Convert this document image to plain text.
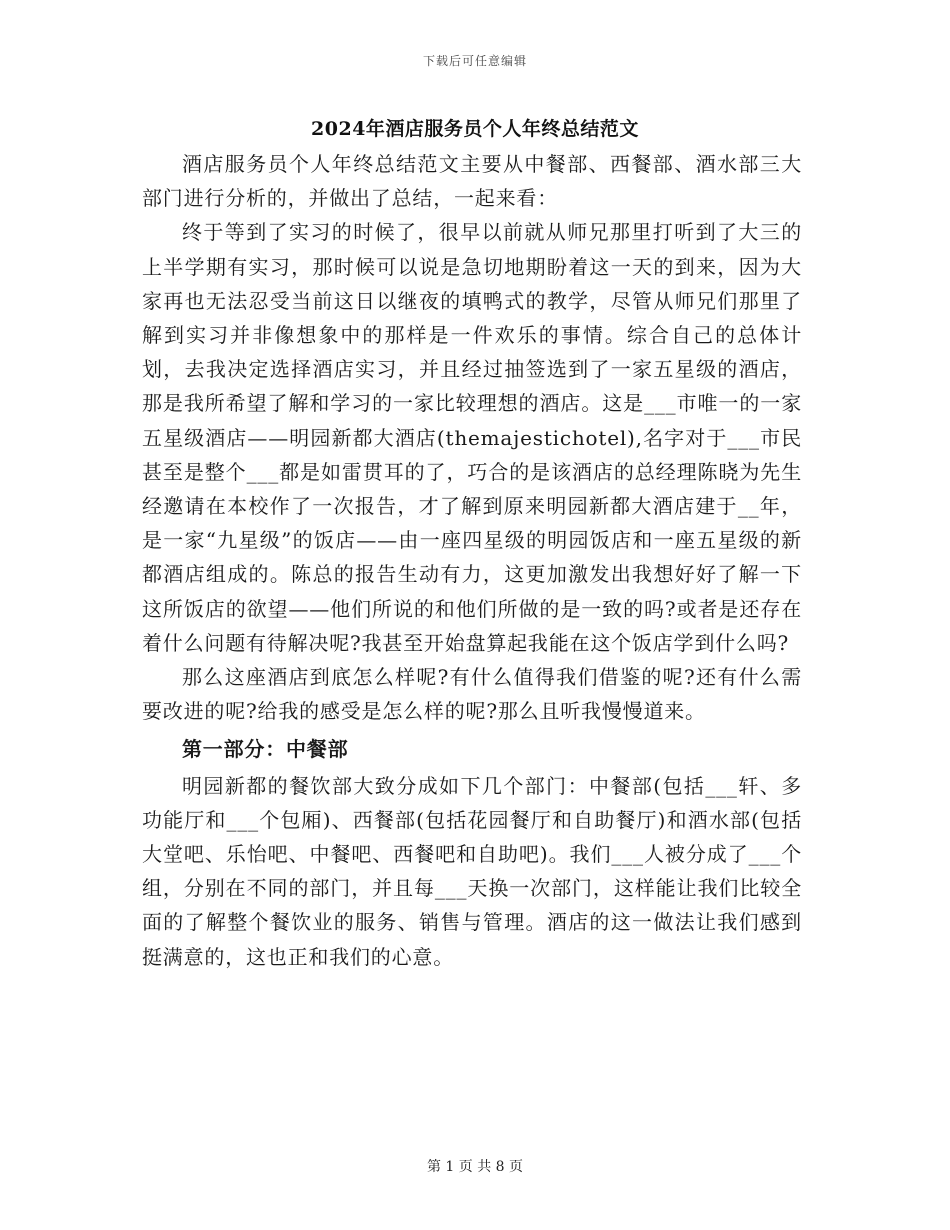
下载后可任意编辑
2024年酒店服务员个人年终总结范文

酒店服务员个人年终总结范文主要从中餐部、西餐部、酒水部三大部门进行分析的，并做出了总结，一起来看：

终于等到了实习的时候了，很早以前就从师兄那里打听到了大三的上半学期有实习，那时候可以说是急切地期盼着这一天的到来，因为大家再也无法忍受当前这日以继夜的填鸭式的教学，尽管从师兄们那里了解到实习并非像想象中的那样是一件欢乐的事情。综合自己的总体计划，去我决定选择酒店实习，并且经过抽签选到了一家五星级的酒店，那是我所希望了解和学习的一家比较理想的酒店。这是___市唯一的一家五星级酒店——明园新都大酒店(themajestichotel),名字对于___市民甚至是整个___都是如雷贯耳的了，巧合的是该酒店的总经理陈晓为先生经邀请在本校作了一次报告，才了解到原来明园新都大酒店建于__年，是一家“九星级”的饭店——由一座四星级的明园饭店和一座五星级的新都酒店组成的。陈总的报告生动有力，这更加激发出我想好好了解一下这所饭店的欲望——他们所说的和他们所做的是一致的吗?或者是还存在着什么问题有待解决呢?我甚至开始盘算起我能在这个饭店学到什么吗?

那么这座酒店到底怎么样呢?有什么值得我们借鉴的呢?还有什么需要改进的呢?给我的感受是怎么样的呢?那么且听我慢慢道来。

第一部分：中餐部

明园新都的餐饮部大致分成如下几个部门：中餐部(包括___轩、多功能厅和___个包厢)、西餐部(包括花园餐厅和自助餐厅)和酒水部(包括大堂吧、乐怡吧、中餐吧、西餐吧和自助吧)。我们___人被分成了___个组，分别在不同的部门，并且每___天换一次部门，这样能让我们比较全面的了解整个餐饮业的服务、销售与管理。酒店的这一做法让我们感到挺满意的，这也正和我们的心意。

第 1 页 共 8 页
